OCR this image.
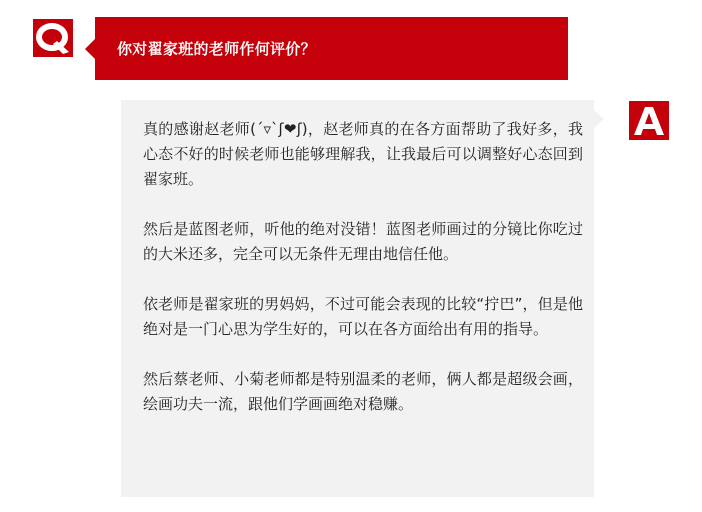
你对翟家班的老师作何评价？

真的感谢赵老师(´▿`ʃ❤ʃ)，赵老师真的在各方面帮助了我好多，我心态不好的时候老师也能够理解我，让我最后可以调整好心态回到翟家班。

然后是蓝图老师，听他的绝对没错！蓝图老师画过的分镜比你吃过的大米还多，完全可以无条件无理由地信任他。

依老师是翟家班的男妈妈，不过可能会表现的比较“拧巴”，但是他绝对是一门心思为学生好的，可以在各方面给出有用的指导。

然后蔡老师、小菊老师都是特别温柔的老师，俩人都是超级会画，绘画功夫一流，跟他们学画画绝对稳赚。
